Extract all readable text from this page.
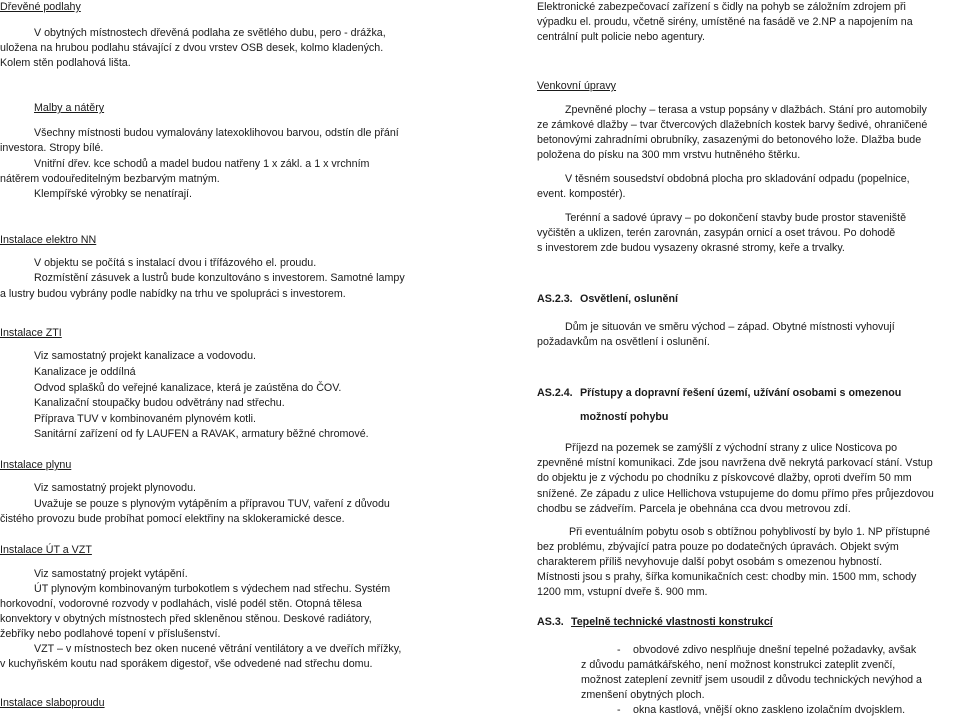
Dřevěné podlahy
V obytných místnostech dřevěná podlaha ze světlého dubu, pero - drážka,
uložena na hrubou podlahu stávající z dvou vrstev OSB desek, kolmo kladených.
Kolem stěn podlahová lišta.
Malby a nátěry
Všechny místnosti budou vymalovány latexoklihovou barvou, odstín dle přání
investora. Stropy bílé.
Vnitřní dřev. kce schodů a madel budou natřeny 1 x zákl. a 1 x vrchním
nátěrem vodouředitelným bezbarvým matným.
Klempířské výrobky se nenatírají.
Instalace elektro NN
V objektu se počítá s instalací dvou i třífázového el. proudu.
Rozmístění zásuvek a lustrů bude konzultováno s investorem. Samotné lampy
a lustry budou vybrány podle nabídky na trhu ve spolupráci s investorem.
Instalace ZTI
Viz samostatný projekt kanalizace a vodovodu.
Kanalizace je oddílná
Odvod splašků do veřejné kanalizace, která je zaústěna do ČOV.
Kanalizační stoupačky budou odvětrány nad střechu.
Příprava TUV v kombinovaném plynovém kotli.
Sanitární zařízení od fy LAUFEN a RAVAK, armatury běžné chromové.
Instalace plynu
Viz samostatný projekt plynovodu.
Uvažuje se pouze s plynovým vytápěním a přípravou TUV, vaření z důvodu
čistého provozu bude probíhat pomocí elektřiny na sklokeramické desce.
Instalace ÚT a VZT
Viz samostatný projekt vytápění.
ÚT plynovým kombinovaným turbokotlem s výdechem nad střechu. Systém
horkovodní, vodorovné rozvody v podlahách, vislé podél stěn. Otopná tělesa
konvektory v obytných místnostech před skleněnou stěnou. Deskové radiátory,
žebříky nebo podlahové topení v příslušenství.
VZT – v místnostech bez oken nucené větrání ventilátory a ve dveřích mřížky,
v kuchyňském koutu nad sporákem digestoř, vše odvedené nad střechu domu.
Instalace slaboproudu
Elektronické zabezpečovací zařízení s čidly na pohyb se záložním zdrojem při
výpadku el. proudu, včetně sirény, umístěné na fasádě ve 2.NP a napojením na
centrální pult policie nebo agentury.
Venkovní úpravy
Zpevněné plochy – terasa a vstup popsány v dlažbách. Stání pro automobily
ze zámkové dlažby – tvar čtvercových dlažebních kostek barvy šedivé, ohraničené
betonovými zahradními obrubníky, zasazenými do betonového lože. Dlažba bude
položena do písku na 300 mm vrstvu hutněného štěrku.
V těsném sousedství obdobná plocha pro skladování odpadu (popelnice,
event. kompostér).
Terénní a sadové úpravy – po dokončení stavby bude prostor staveniště
vyčištěn a uklizen, terén zarovnán, zasypán ornicí a oset trávou. Po dohodě
s investorem zde budou vysazeny okrasné stromy, keře a trvalky.
AS.2.3. Osvětlení, oslunění
Dům je situován ve směru východ – západ. Obytné místnosti vyhovují
požadavkům na osvětlení i oslunění.
AS.2.4. Přístupy a dopravní řešení území, užívání osobami s omezenou
možností pohybu
Příjezd na pozemek se zamýšlí z východní strany z ulice Nosticova po
zpevněné místní komunikaci. Zde jsou navržena dvě nekrytá parkovací stání. Vstup
do objektu je z východu po chodníku z pískovcové dlažby, oproti dveřím 50 mm
snížené. Ze západu z ulice Hellichova vstupujeme do domu přímo přes průjezdovou
chodbu se zádveřím. Parcela je obehnána cca dvou metrovou zdí.
Při eventuálním pobytu osob s obtížnou pohyblivostí by bylo 1. NP přístupné
bez problému, zbývající patra pouze po dodatečných úpravách. Objekt svým
charakterem příliš nevyhovuje další pobyt osobám s omezenou hybností.
Místnosti jsou s prahy, šířka komunikačních cest: chodby min. 1500 mm, schody
1200 mm, vstupní dveře š. 900 mm.
AS.3. Tepelně technické vlastnosti konstrukcí
- obvodové zdivo nesplňuje dnešní tepelné požadavky, avšak
z důvodu památkářského, není možnost konstrukci zateplit zvenčí,
možnost zateplení zevnitř jsem usoudil z důvodu technických nevýhod a
zmenšení obytných ploch.
- okna kastlová, vnější okno zaskleno izolačním dvojsklem.
